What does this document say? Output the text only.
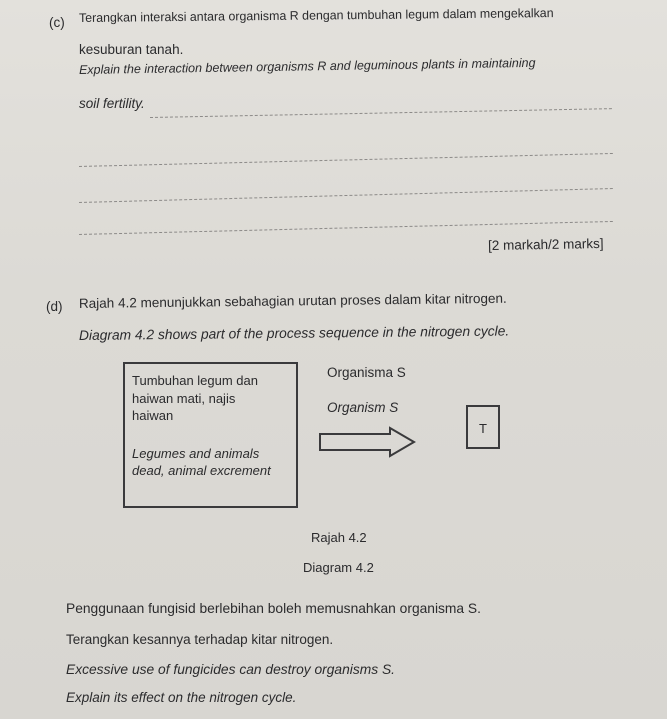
(c) Terangkan interaksi antara organisma R dengan tumbuhan legum dalam mengekalkan
kesuburan tanah.
Explain the interaction between organisms R and leguminous plants in maintaining
soil fertility.
[2 markah/2 marks]
(d) Rajah 4.2 menunjukkan sebahagian urutan proses dalam kitar nitrogen.
Diagram 4.2 shows part of the process sequence in the nitrogen cycle.
Tumbuhan legum dan
haiwan mati, najis
haiwan
Legumes and animals
dead, animal excrement
Organisma S
Organism S
T
Rajah 4.2
Diagram 4.2
Penggunaan fungisid berlebihan boleh memusnahkan organisma S.
Terangkan kesannya terhadap kitar nitrogen.
Excessive use of fungicides can destroy organisms S.
Explain its effect on the nitrogen cycle.
